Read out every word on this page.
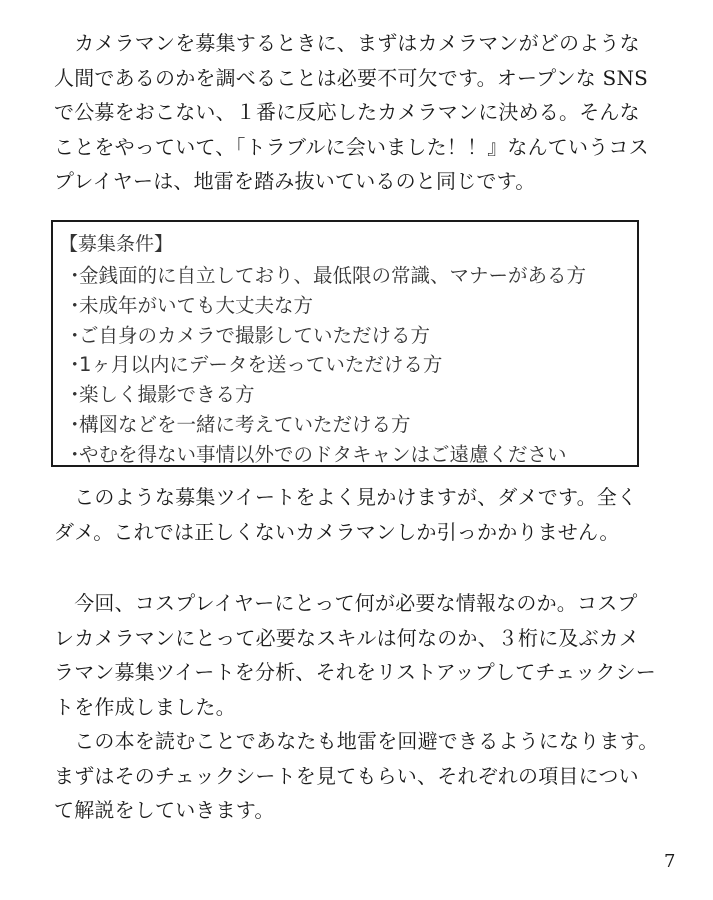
　カメラマンを募集するときに、まずはカメラマンがどのような
人間であるのかを調べることは必要不可欠です。オープンな SNS
で公募をおこない、１番に反応したカメラマンに決める。そんな
ことをやっていて、「トラブルに会いました！！』なんていうコス
プレイヤーは、地雷を踏み抜いているのと同じです。

【募集条件】
・金銭面的に自立しており、最低限の常識、マナーがある方
・未成年がいても大丈夫な方
・ご自身のカメラで撮影していただける方
・1ヶ月以内にデータを送っていただける方
・楽しく撮影できる方
・構図などを一緒に考えていただける方
・やむを得ない事情以外でのドタキャンはご遠慮ください

　このような募集ツイートをよく見かけますが、ダメです。全く
ダメ。これでは正しくないカメラマンしか引っかかりません。

　今回、コスプレイヤーにとって何が必要な情報なのか。コスプ
レカメラマンにとって必要なスキルは何なのか、３桁に及ぶカメ
ラマン募集ツイートを分析、それをリストアップしてチェックシー
トを作成しました。

　この本を読むことであなたも地雷を回避できるようになります。
まずはそのチェックシートを見てもらい、それぞれの項目につい
て解説をしていきます。

7
